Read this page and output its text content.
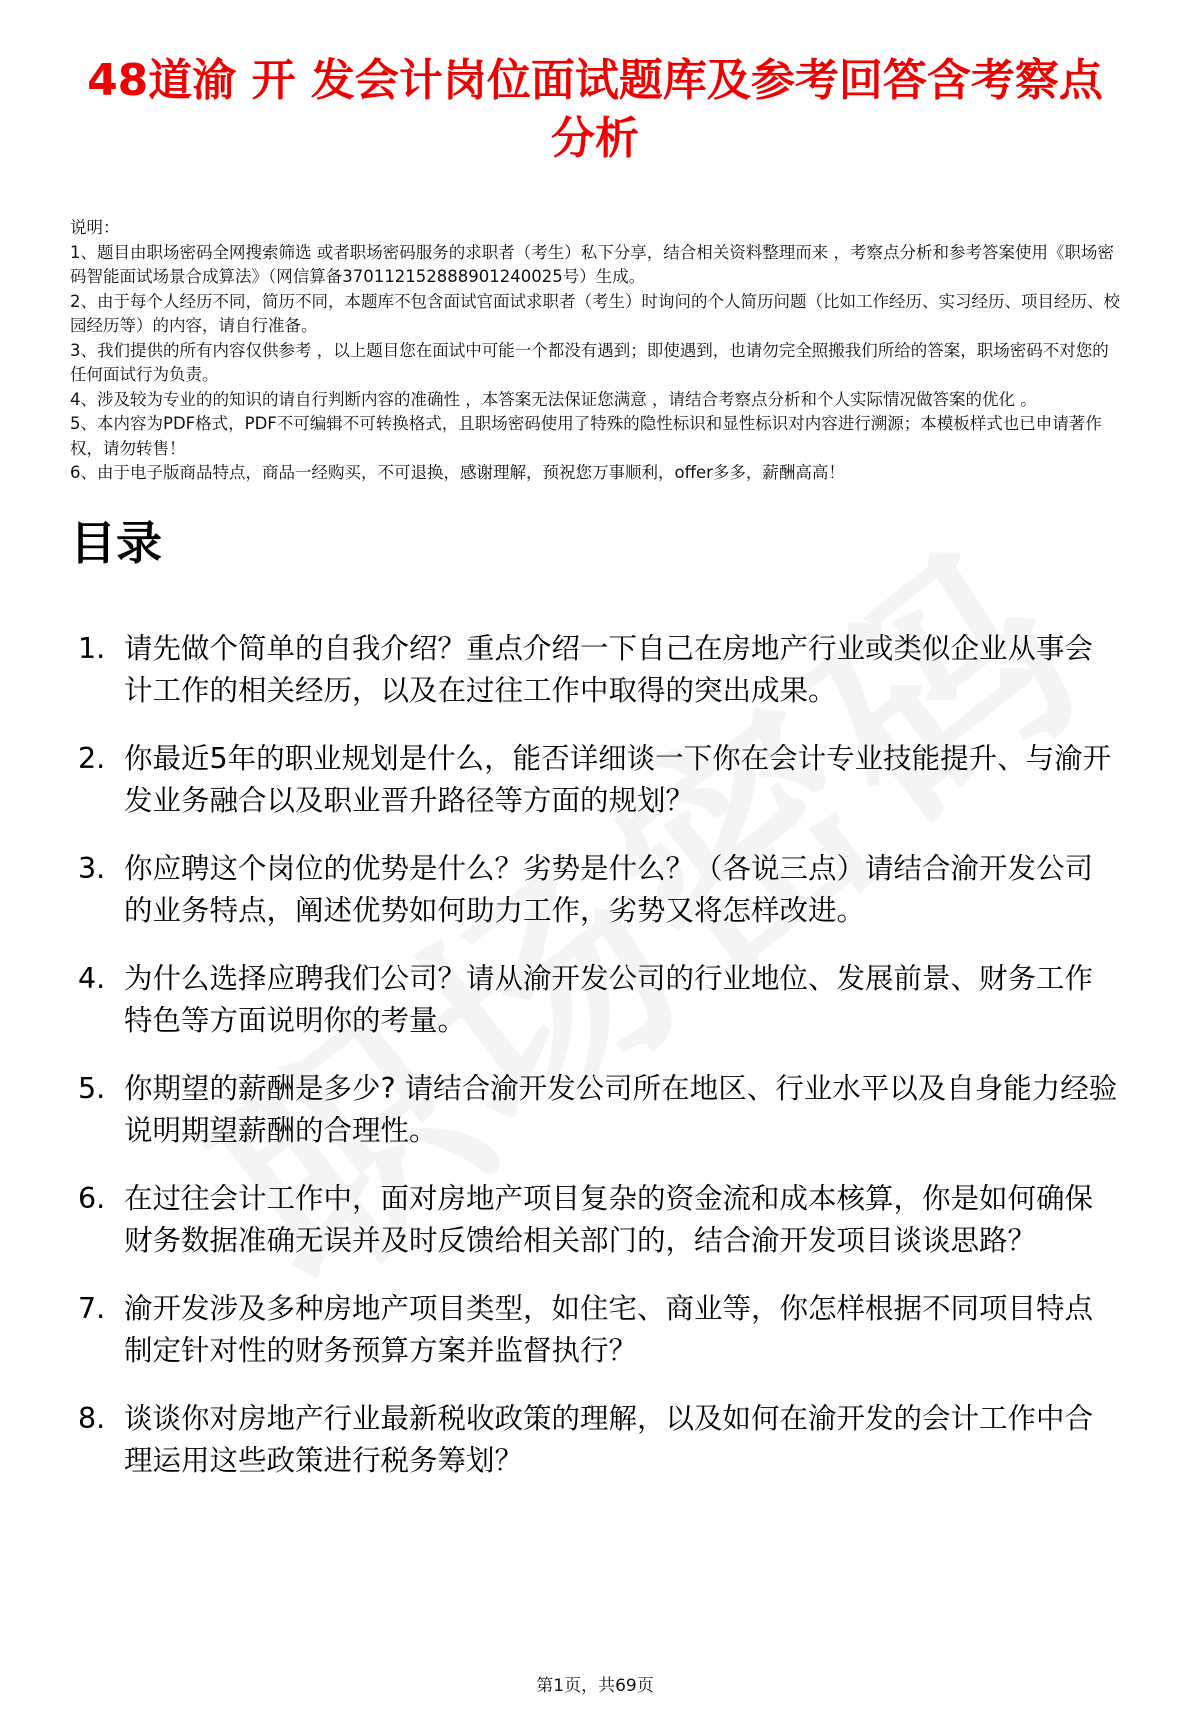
48道渝 开 发会计岗位面试题库及参考回答含考察点分析

说明：

1、题目由职场密码全网搜索筛选 或者职场密码服务的求职者（考生）私下分享，结合相关资料整理而来 ，考察点分析和参考答案使用《职场密码智能面试场景合成算法》（网信算备370112152888901240025号）生成。

2、由于每个人经历不同，简历不同，本题库不包含面试官面试求职者（考生）时询问的个人简历问题（比如工作经历、实习经历、项目经历、校园经历等）的内容，请自行准备。

3、我们提供的所有内容仅供参考 ，以上题目您在面试中可能一个都没有遇到；即使遇到，也请勿完全照搬我们所给的答案，职场密码不对您的任何面试行为负责。

4、涉及较为专业的的知识的请自行判断内容的准确性 ，本答案无法保证您满意 ，请结合考察点分析和个人实际情况做答案的优化 。

5、本内容为PDF格式，PDF不可编辑不可转换格式，且职场密码使用了特殊的隐性标识和显性标识对内容进行溯源；本模板样式也已申请著作权，请勿转售！

6、由于电子版商品特点，商品一经购买，不可退换，感谢理解，预祝您万事顺利，offer多多，薪酬高高！

目录
1. 请先做个简单的自我介绍？重点介绍一下自己在房地产行业或类似企业从事会计工作的相关经历，以及在过往工作中取得的突出成果。
2. 你最近5年的职业规划是什么，能否详细谈一下你在会计专业技能提升、与渝开发业务融合以及职业晋升路径等方面的规划？
3. 你应聘这个岗位的优势是什么？劣势是什么？（各说三点）请结合渝开发公司的业务特点，阐述优势如何助力工作，劣势又将怎样改进。
4. 为什么选择应聘我们公司？请从渝开发公司的行业地位、发展前景、财务工作特色等方面说明你的考量。
5. 你期望的薪酬是多少? 请结合渝开发公司所在地区、行业水平以及自身能力经验说明期望薪酬的合理性。
6. 在过往会计工作中，面对房地产项目复杂的资金流和成本核算，你是如何确保财务数据准确无误并及时反馈给相关部门的，结合渝开发项目谈谈思路？
7. 渝开发涉及多种房地产项目类型，如住宅、商业等，你怎样根据不同项目特点制定针对性的财务预算方案并监督执行？
8. 谈谈你对房地产行业最新税收政策的理解，以及如何在渝开发的会计工作中合理运用这些政策进行税务筹划？
第1页，共69页
